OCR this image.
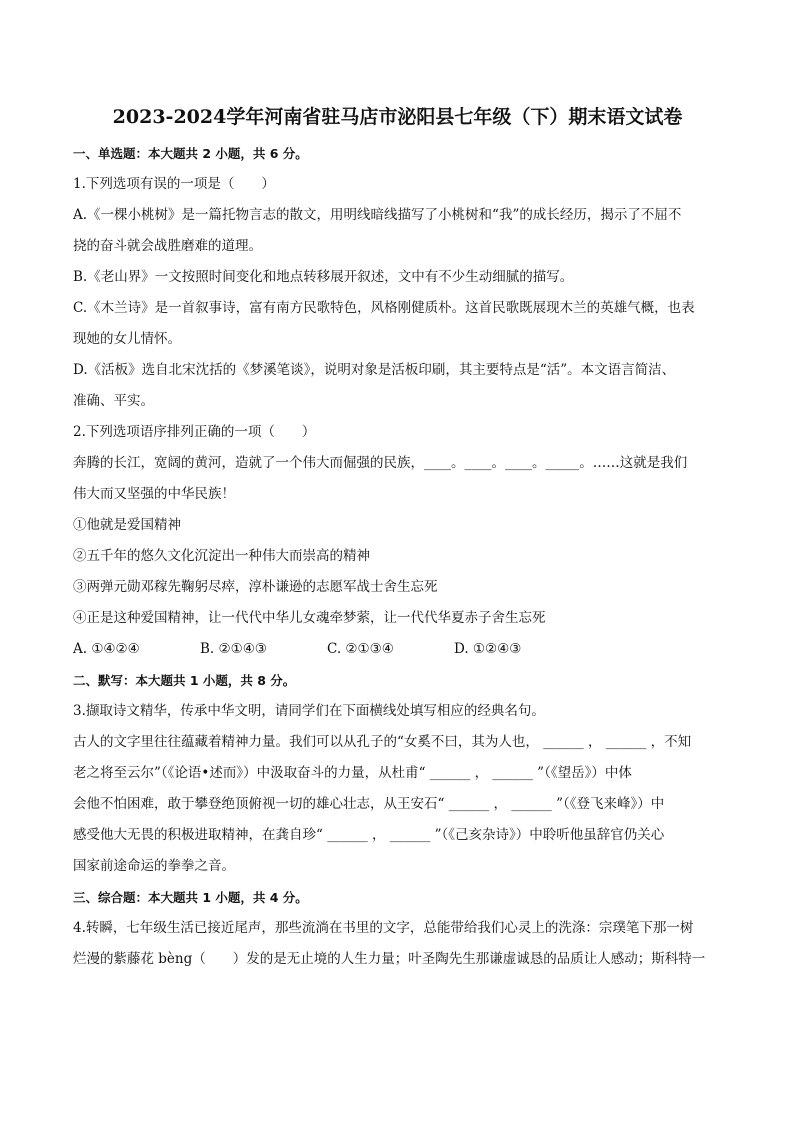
2023-2024学年河南省驻马店市泌阳县七年级（下）期末语文试卷
一、单选题：本大题共 2 小题，共 6 分。
1.下列选项有误的一项是（　　）
A.《一棵小桃树》是一篇托物言志的散文，用明线暗线描写了小桃树和“我”的成长经历，揭示了不屈不
挠的奋斗就会战胜磨难的道理。
B.《老山界》一文按照时间变化和地点转移展开叙述，文中有不少生动细腻的描写。
C.《木兰诗》是一首叙事诗，富有南方民歌特色，风格刚健质朴。这首民歌既展现木兰的英雄气概，也表
现她的女儿情怀。
D.《活板》选自北宋沈括的《梦溪笔谈》，说明对象是活板印刷，其主要特点是“活”。本文语言简洁、
准确、平实。
2.下列选项语序排列正确的一项（　　）
奔腾的长江，宽阔的黄河，造就了一个伟大而倔强的民族，____。____。____。_____。……这就是我们
伟大而又坚强的中华民族！
①他就是爱国精神
②五千年的悠久文化沉淀出一种伟大而崇高的精神
③两弹元勋邓稼先鞠躬尽瘁，淳朴谦逊的志愿军战士舍生忘死
④正是这种爱国精神，让一代代中华儿女魂牵梦萦，让一代代华夏赤子舍生忘死
A. ①④②④	B. ②①④③	C. ②①③④	D. ①②④③
二、默写：本大题共 1 小题，共 8 分。
3.撷取诗文精华，传承中华文明，请同学们在下面横线处填写相应的经典名句。
古人的文字里往往蕴藏着精神力量。我们可以从孔子的“女奚不曰，其为人也， ______ ， ______ ，不知
老之将至云尔”（《论语•述而》）中汲取奋斗的力量，从杜甫“ ______ ， ______ ”（《望岳》）中体
会他不怕困难，敢于攀登绝顶俯视一切的雄心壮志，从王安石“ ______ ， ______ ”（《登飞来峰》）中
感受他大无畏的积极进取精神，在龚自珍“ ______ ， ______ ”（《己亥杂诗》）中聆听他虽辞官仍关心
国家前途命运的拳拳之音。
三、综合题：本大题共 1 小题，共 4 分。
4.转瞬，七年级生活已接近尾声，那些流淌在书里的文字，总能带给我们心灵上的洗涤：宗璞笔下那一树
烂漫的紫藤花 bèng（　　）发的是无止境的人生力量；叶圣陶先生那谦虚诚恳的品质让人感动；斯科特一
